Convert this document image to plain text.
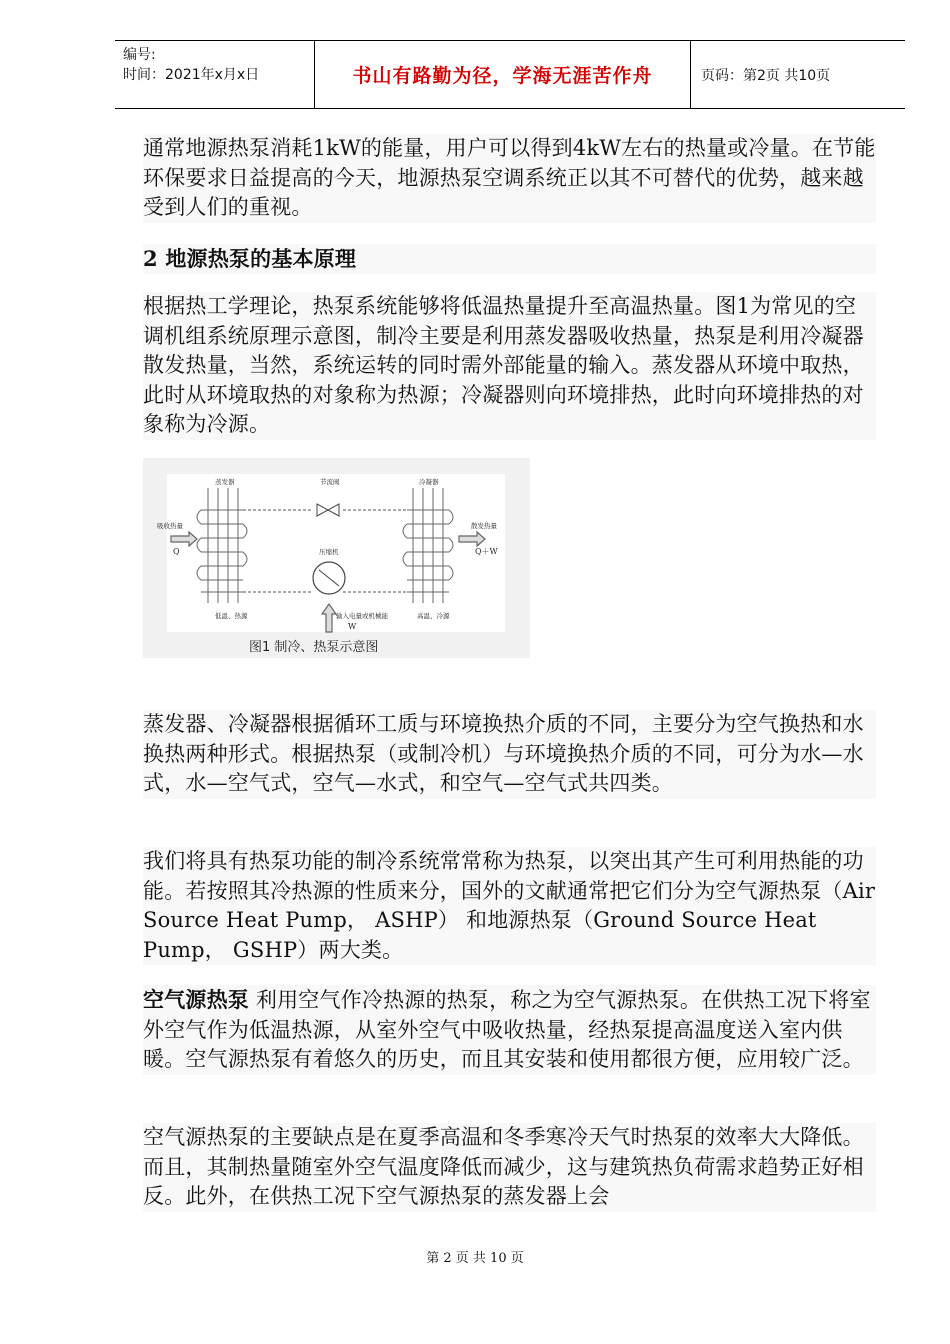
编号:
时间：2021年x月x日	书山有路勤为径，学海无涯苦作舟	页码：第2页 共10页

通常地源热泵消耗1kW的能量，用户可以得到4kW左右的热量或冷量。在节能环保要求日益提高的今天，地源热泵空调系统正以其不可替代的优势，越来越受到人们的重视。

2 地源热泵的基本原理

根据热工学理论，热泵系统能够将低温热量提升至高温热量。图1为常见的空调机组系统原理示意图，制冷主要是利用蒸发器吸收热量，热泵是利用冷凝器散发热量，当然，系统运转的同时需外部能量的输入。蒸发器从环境中取热，此时从环境取热的对象称为热源；冷凝器则向环境排热，此时向环境排热的对象称为冷源。

蒸发器	节流阀	冷凝器
压缩机
吸收热量	散发热量
低温、热源	高温、冷源
输入电量或机械能
Q	Q＋W
W
图1 制冷、热泵示意图

蒸发器、冷凝器根据循环工质与环境换热介质的不同，主要分为空气换热和水换热两种形式。根据热泵（或制冷机）与环境换热介质的不同，可分为水—水式，水—空气式，空气—水式，和空气—空气式共四类。

我们将具有热泵功能的制冷系统常常称为热泵，以突出其产生可利用热能的功能。若按照其冷热源的性质来分，国外的文献通常把它们分为空气源热泵（Air Source Heat Pump， ASHP） 和地源热泵（Ground Source Heat Pump， GSHP）两大类。

空气源热泵 利用空气作冷热源的热泵，称之为空气源热泵。在供热工况下将室外空气作为低温热源，从室外空气中吸收热量，经热泵提高温度送入室内供暖。空气源热泵有着悠久的历史，而且其安装和使用都很方便，应用较广泛。

空气源热泵的主要缺点是在夏季高温和冬季寒冷天气时热泵的效率大大降低。而且，其制热量随室外空气温度降低而减少，这与建筑热负荷需求趋势正好相反。此外，在供热工况下空气源热泵的蒸发器上会

第 2 页 共 10 页
